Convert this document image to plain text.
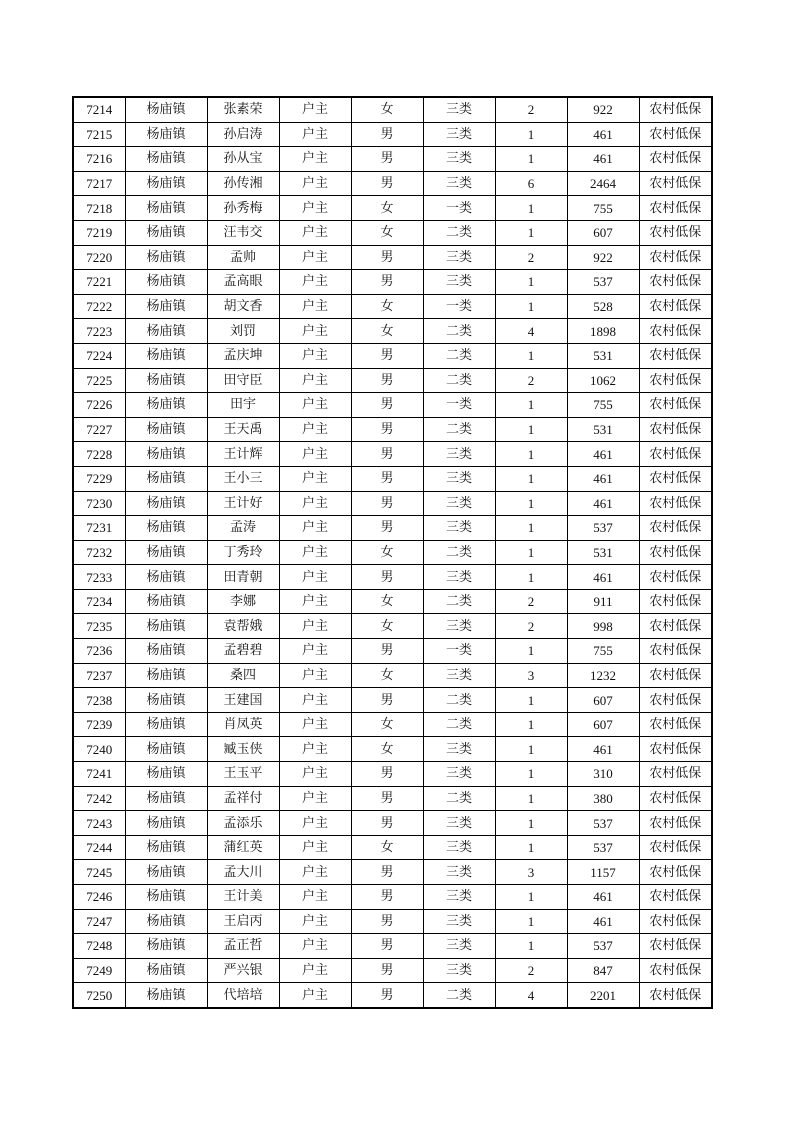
7214	杨庙镇	张素荣	户主	女	三类	2	922	农村低保
7215	杨庙镇	孙启涛	户主	男	三类	1	461	农村低保
7216	杨庙镇	孙从宝	户主	男	三类	1	461	农村低保
7217	杨庙镇	孙传湘	户主	男	三类	6	2464	农村低保
7218	杨庙镇	孙秀梅	户主	女	一类	1	755	农村低保
7219	杨庙镇	汪韦交	户主	女	二类	1	607	农村低保
7220	杨庙镇	孟帅	户主	男	三类	2	922	农村低保
7221	杨庙镇	孟高眼	户主	男	三类	1	537	农村低保
7222	杨庙镇	胡文香	户主	女	一类	1	528	农村低保
7223	杨庙镇	刘罚	户主	女	二类	4	1898	农村低保
7224	杨庙镇	孟庆坤	户主	男	二类	1	531	农村低保
7225	杨庙镇	田守臣	户主	男	二类	2	1062	农村低保
7226	杨庙镇	田宇	户主	男	一类	1	755	农村低保
7227	杨庙镇	王天禹	户主	男	二类	1	531	农村低保
7228	杨庙镇	王计辉	户主	男	三类	1	461	农村低保
7229	杨庙镇	王小三	户主	男	三类	1	461	农村低保
7230	杨庙镇	王计好	户主	男	三类	1	461	农村低保
7231	杨庙镇	孟涛	户主	男	三类	1	537	农村低保
7232	杨庙镇	丁秀玲	户主	女	二类	1	531	农村低保
7233	杨庙镇	田青朝	户主	男	三类	1	461	农村低保
7234	杨庙镇	李娜	户主	女	二类	2	911	农村低保
7235	杨庙镇	袁帮娥	户主	女	三类	2	998	农村低保
7236	杨庙镇	孟碧碧	户主	男	一类	1	755	农村低保
7237	杨庙镇	桑四	户主	女	三类	3	1232	农村低保
7238	杨庙镇	王建国	户主	男	二类	1	607	农村低保
7239	杨庙镇	肖凤英	户主	女	二类	1	607	农村低保
7240	杨庙镇	臧玉侠	户主	女	三类	1	461	农村低保
7241	杨庙镇	王玉平	户主	男	三类	1	310	农村低保
7242	杨庙镇	孟祥付	户主	男	二类	1	380	农村低保
7243	杨庙镇	孟添乐	户主	男	三类	1	537	农村低保
7244	杨庙镇	蒲红英	户主	女	三类	1	537	农村低保
7245	杨庙镇	孟大川	户主	男	三类	3	1157	农村低保
7246	杨庙镇	王计美	户主	男	三类	1	461	农村低保
7247	杨庙镇	王启丙	户主	男	三类	1	461	农村低保
7248	杨庙镇	孟正哲	户主	男	三类	1	537	农村低保
7249	杨庙镇	严兴银	户主	男	三类	2	847	农村低保
7250	杨庙镇	代培培	户主	男	二类	4	2201	农村低保
